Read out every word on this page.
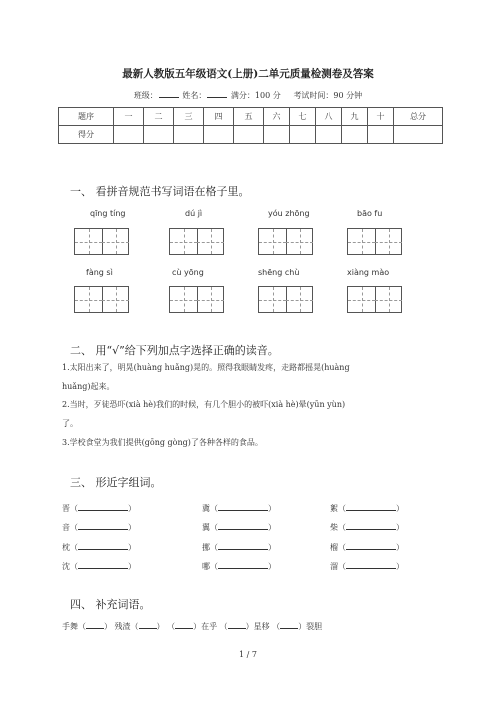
最新人教版五年级语文(上册)二单元质量检测卷及答案
班级：	姓名：	满分：100 分 考试时间：90 分钟
题序	一	二	三	四	五	六	七	八	九	十	总分
得分											
一、 看拼音规范书写词语在格子里。
qīng tíng	dú jì	yóu zhōng	bāo fu
fàng sì	cù yōng	shēng chù	xiàng mào
二、 用“√”给下列加点字选择正确的读音。
1.太阳出来了，明晃(huàng huǎng)晃的。照得我眼睛发疼，走路都摇晃(huàng
huǎng)起来。
2.当时，歹徒恐吓(xià hè)我们的时候，有几个胆小的被吓(xià hè)晕(yūn yùn)
了。
3.学校食堂为我们提供(gōng gòng)了各种各样的食品。
三、 形近字组词。
晋（	）	冀（	）	絮（	）
音（	）	翼（	）	柴（	）
枕（	）	挪（	）	榴（	）
沈（	）	哪（	）	溜（	）
四、 补充词语。
手舞（ ） 残渣（ ） （ ）在乎 （ ）星移 （ ）裂胆
1 / 7
